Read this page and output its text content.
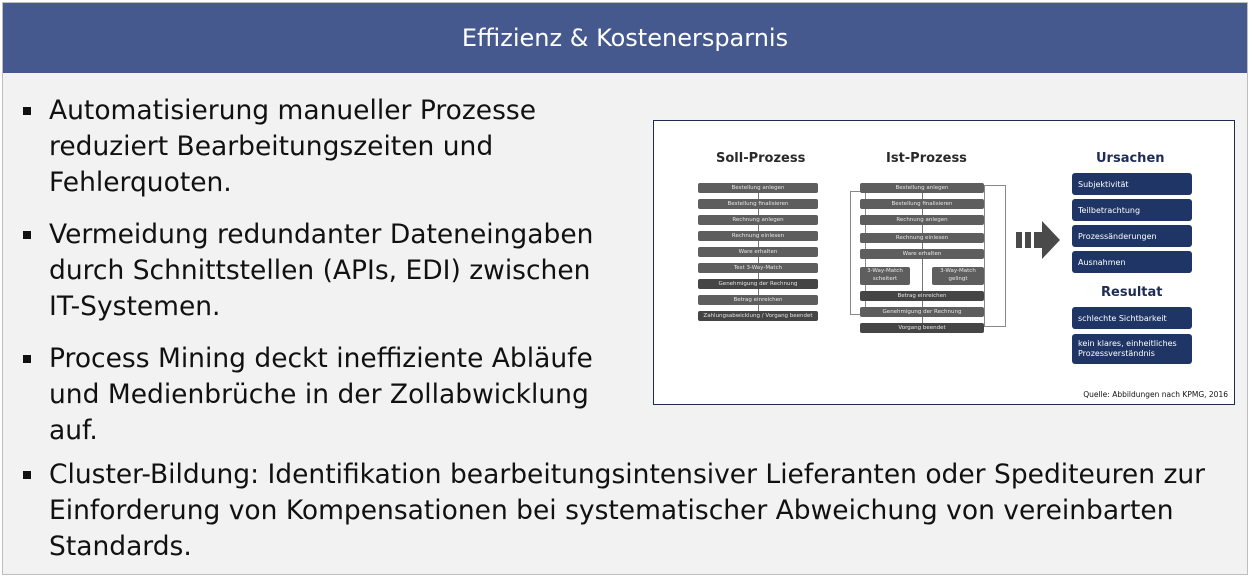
Effizienz & Kostenersparnis
Automatisierung manueller Prozesse reduziert Bearbeitungszeiten und Fehlerquoten.
Vermeidung redundanter Dateneingaben durch Schnittstellen (APIs, EDI) zwischen IT-Systemen.
Process Mining deckt ineffiziente Abläufe und Medienbrüche in der Zollabwicklung auf.
Cluster-Bildung: Identifikation bearbeitungsintensiver Lieferanten oder Spediteuren zur Einforderung von Kompensationen bei systematischer Abweichung von vereinbarten Standards.
Soll-Prozess	Ist-Prozess	Ursachen
Resultat
Bestellung anlegen
Bestellung finalisieren
Rechnung anlegen
Rechnung einlesen
Ware erhalten
Test 3-Way-Match
Genehmigung der Rechnung
Betrag einreichen
Zahlungsabwicklung / Vorgang beendet
Bestellung anlegen
Bestellung finalisieren
Rechnung anlegen
Rechnung einlesen
Ware erhalten
3-Way-Match scheitert
3-Way-Match gelingt
Betrag einreichen
Genehmigung der Rechnung
Vorgang beendet
Subjektivität
Teilbetrachtung
Prozessänderungen
Ausnahmen
schlechte Sichtbarkeit
kein klares, einheitliches Prozessverständnis
Quelle: Abbildungen nach KPMG, 2016
